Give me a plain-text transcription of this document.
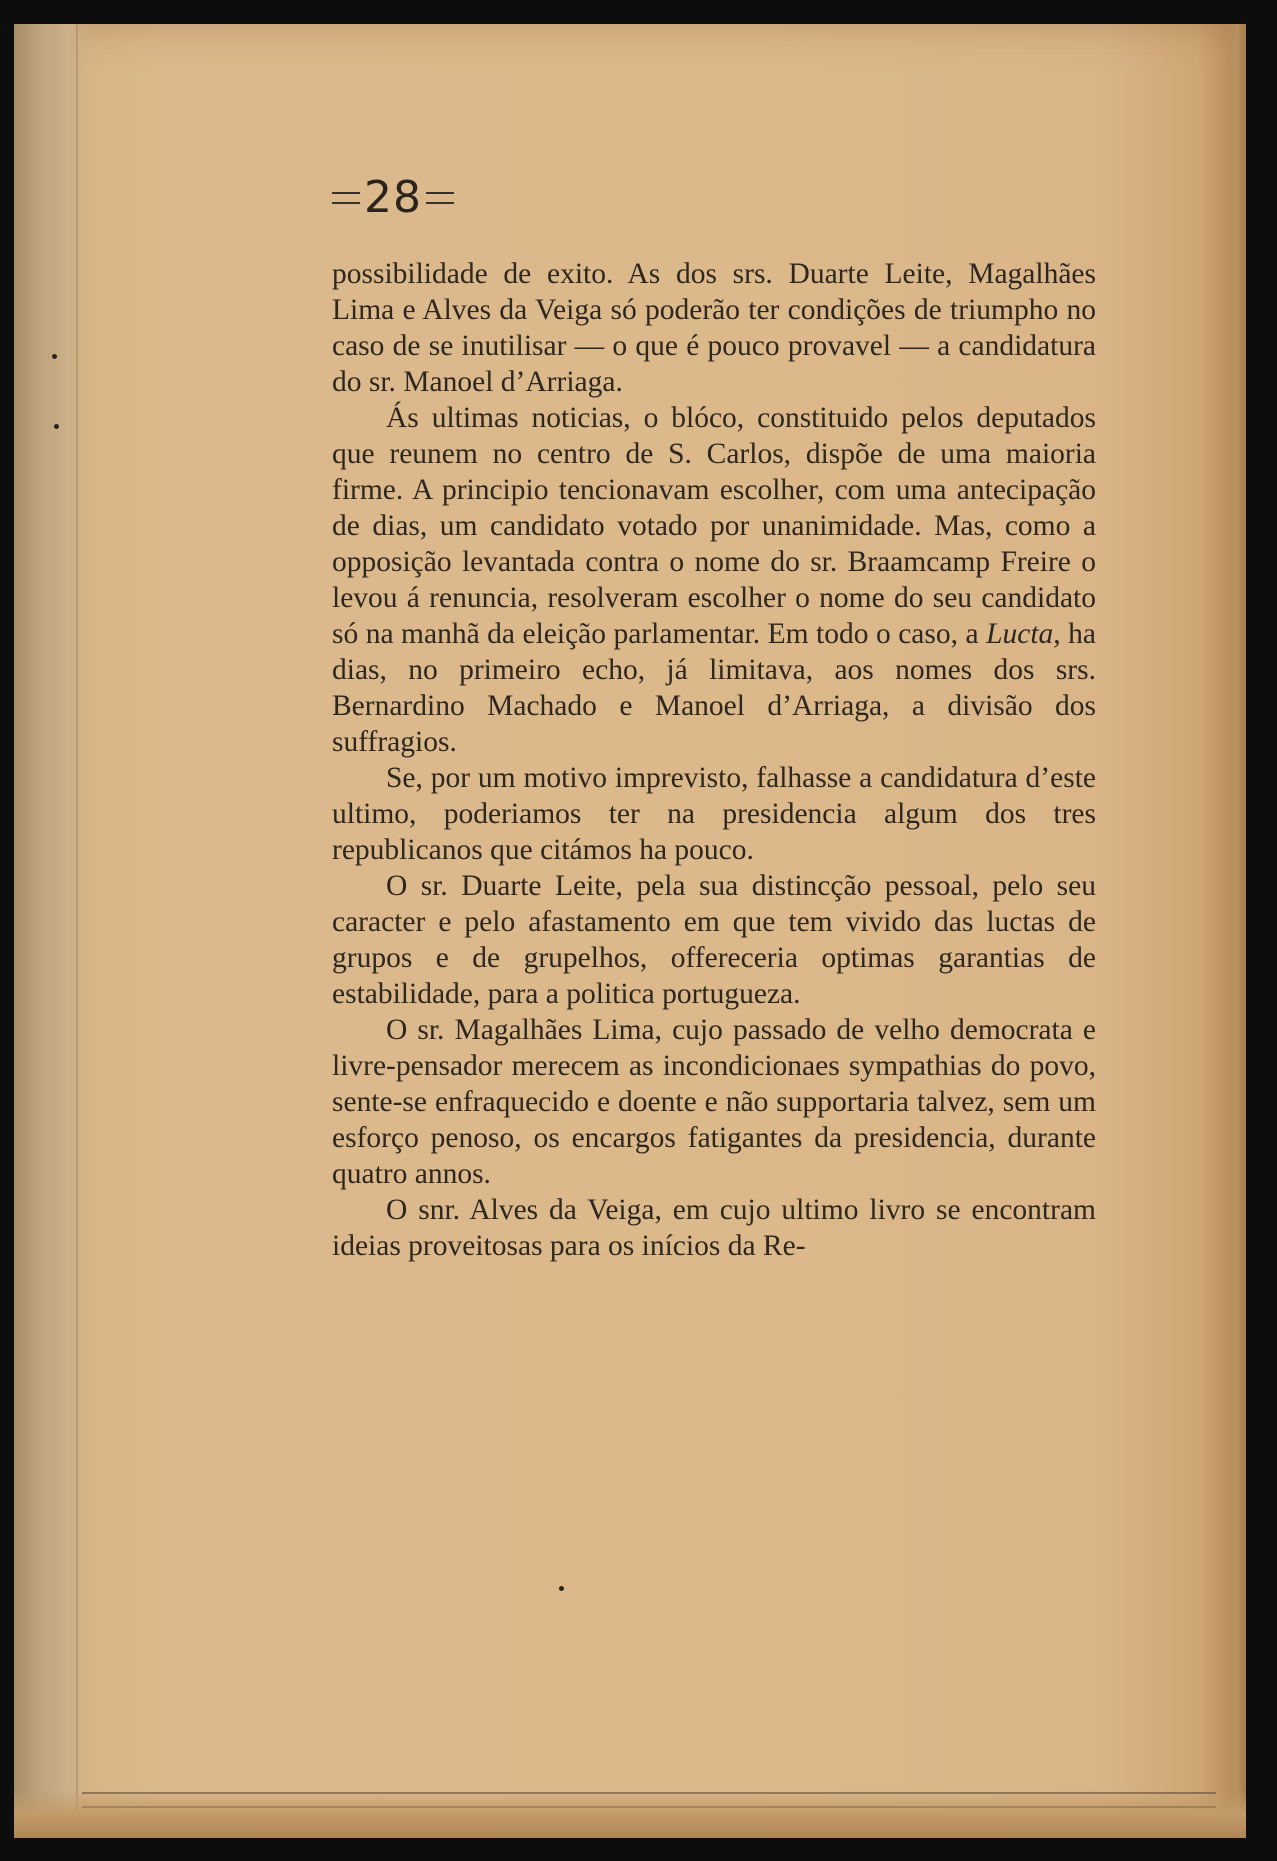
28

possibilidade de exito. As dos srs. Duarte Leite, Magalhães Lima e Alves da Veiga só poderão ter condições de triumpho no caso de se inutilisar — o que é pouco provavel — a candidatura do sr. Manoel d’Arriaga.

Ás ultimas noticias, o blóco, constituido pelos deputados que reunem no centro de S. Carlos, dispõe de uma maioria firme. A principio tencionavam escolher, com uma antecipação de dias, um candidato votado por unanimidade. Mas, como a opposição levantada contra o nome do sr. Braamcamp Freire o levou á renuncia, resolveram escolher o nome do seu candidato só na manhã da eleição parlamentar. Em todo o caso, a Lucta, ha dias, no primeiro echo, já limitava, aos nomes dos srs. Bernardino Machado e Manoel d’Arriaga, a divisão dos suffragios.

Se, por um motivo imprevisto, falhasse a candidatura d’este ultimo, poderiamos ter na presidencia algum dos tres republicanos que citámos ha pouco.

O sr. Duarte Leite, pela sua distincção pessoal, pelo seu caracter e pelo afastamento em que tem vivido das luctas de grupos e de grupelhos, offereceria optimas garantias de estabilidade, para a politica portugueza.

O sr. Magalhães Lima, cujo passado de velho democrata e livre-pensador merecem as incondicionaes sympathias do povo, sente-se enfraquecido e doente e não supportaria talvez, sem um esforço penoso, os encargos fatigantes da presidencia, durante quatro annos.

O snr. Alves da Veiga, em cujo ultimo livro se encontram ideias proveitosas para os inícios da Re-
